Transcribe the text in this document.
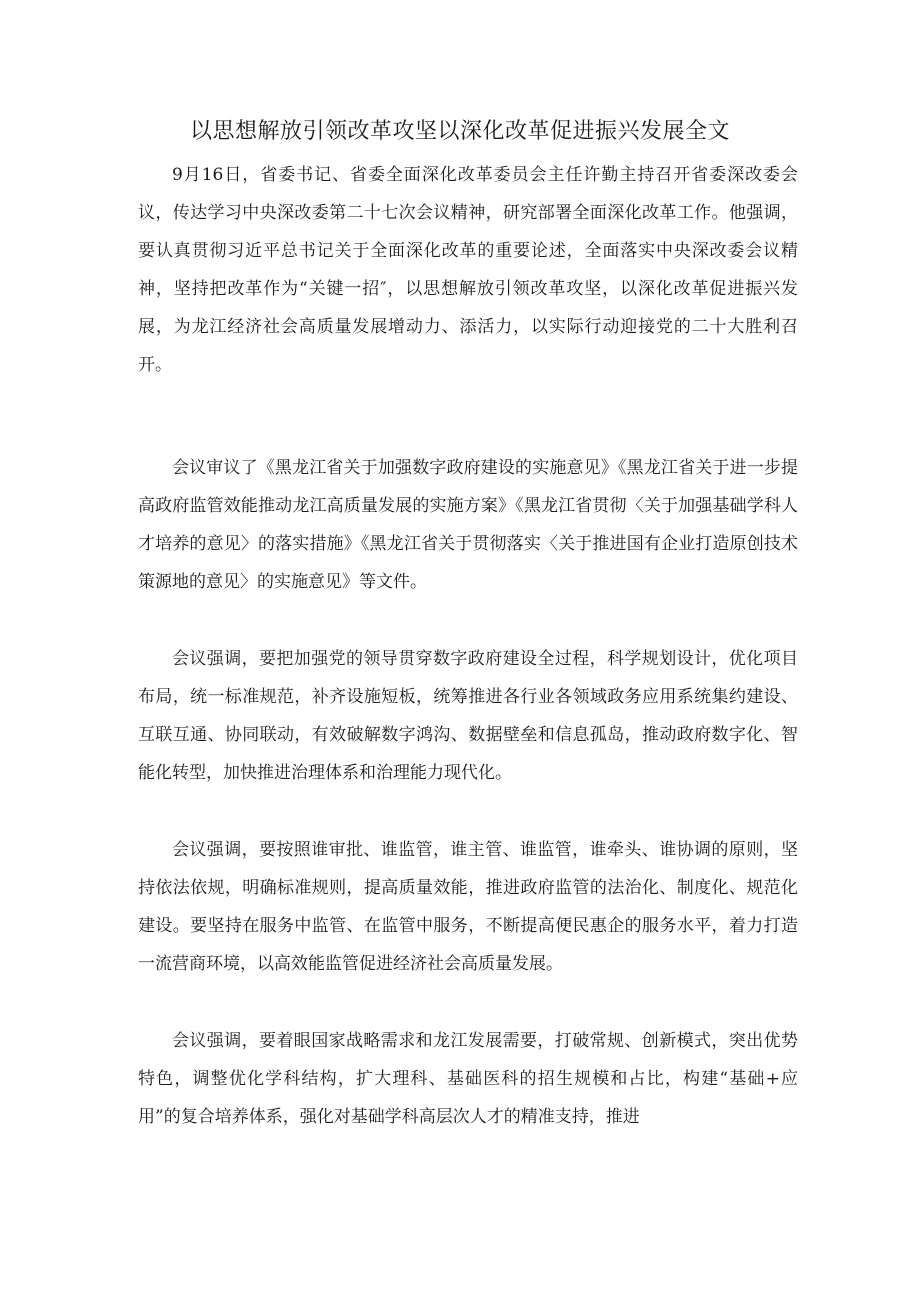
以思想解放引领改革攻坚以深化改革促进振兴发展全文

9月16日，省委书记、省委全面深化改革委员会主任许勤主持召开省委深改委会议，传达学习中央深改委第二十七次会议精神，研究部署全面深化改革工作。他强调，要认真贯彻习近平总书记关于全面深化改革的重要论述，全面落实中央深改委会议精神，坚持把改革作为“关键一招″，以思想解放引领改革攻坚，以深化改革促进振兴发展，为龙江经济社会高质量发展增动力、添活力，以实际行动迎接党的二十大胜利召开。

会议审议了《黑龙江省关于加强数字政府建设的实施意见》《黑龙江省关于进一步提高政府监管效能推动龙江高质量发展的实施方案》《黑龙江省贯彻〈关于加强基础学科人才培养的意见〉的落实措施》《黑龙江省关于贯彻落实〈关于推进国有企业打造原创技术策源地的意见〉的实施意见》等文件。

会议强调，要把加强党的领导贯穿数字政府建设全过程，科学规划设计，优化项目布局，统一标准规范，补齐设施短板，统筹推进各行业各领域政务应用系统集约建设、互联互通、协同联动，有效破解数字鸿沟、数据壁垒和信息孤岛，推动政府数字化、智能化转型，加快推进治理体系和治理能力现代化。

会议强调，要按照谁审批、谁监管，谁主管、谁监管，谁牵头、谁协调的原则，坚持依法依规，明确标准规则，提高质量效能，推进政府监管的法治化、制度化、规范化建设。要坚持在服务中监管、在监管中服务，不断提高便民惠企的服务水平，着力打造一流营商环境，以高效能监管促进经济社会高质量发展。

会议强调，要着眼国家战略需求和龙江发展需要，打破常规、创新模式，突出优势特色，调整优化学科结构，扩大理科、基础医科的招生规模和占比，构建“基础+应用”的复合培养体系，强化对基础学科高层次人才的精准支持，推进
